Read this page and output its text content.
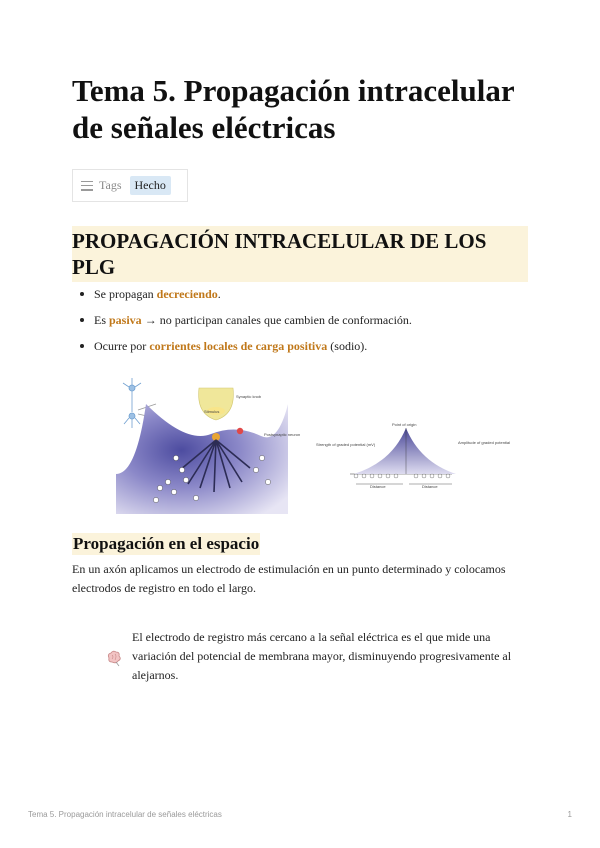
Tema 5. Propagación intracelular de señales eléctricas
Tags	Hecho
PROPAGACIÓN INTRACELULAR DE LOS PLG
Se propagan decreciendo.
Es pasiva → no participan canales que cambien de conformación.
Ocurre por corrientes locales de carga positiva (sodio).
Synaptic knob
Stimulus
Postsynaptic neuron
Point of origin
Strength of graded potential (mV)	Amplitude of graded potential
Distance	Distance
Propagación en el espacio
En un axón aplicamos un electrodo de estimulación en un punto determinado y colocamos electrodos de registro en todo el largo.
El electrodo de registro más cercano a la señal eléctrica es el que mide una variación del potencial de membrana mayor, disminuyendo progresivamente al alejarnos.
Tema 5. Propagación intracelular de señales eléctricas	1
